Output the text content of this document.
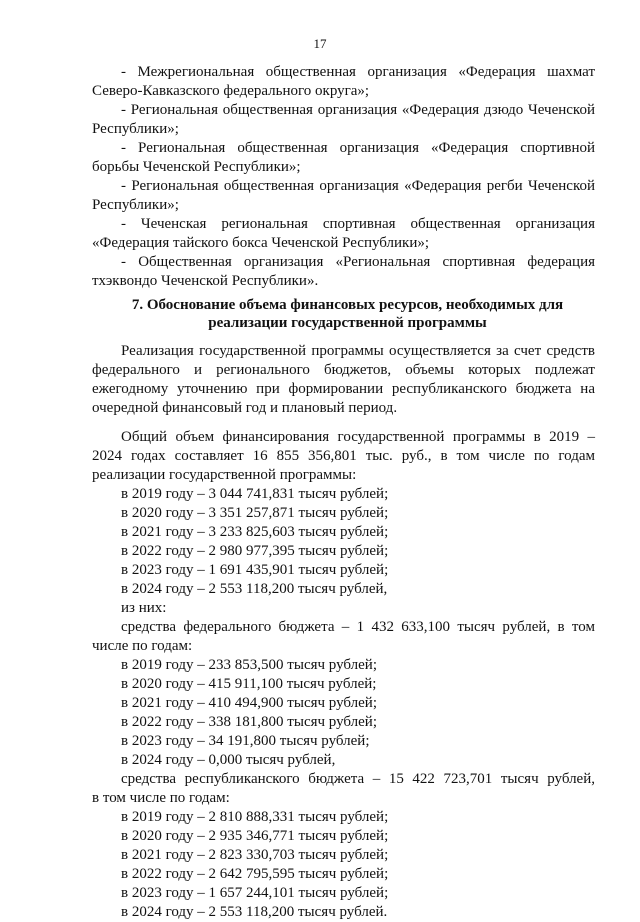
17

- Межрегиональная общественная организация «Федерация шахмат

Северо-Кавказского федерального округа»;

- Региональная общественная организация «Федерация дзюдо Чеченской

Республики»;

- Региональная общественная организация «Федерация спортивной

борьбы Чеченской Республики»;

- Региональная общественная организация «Федерация регби Чеченской

Республики»;

- Чеченская региональная спортивная общественная организация

«Федерация тайского бокса Чеченской Республики»;

- Общественная организация «Региональная спортивная федерация

тхэквондо Чеченской Республики».

7. Обоснование объема финансовых ресурсов, необходимых для

реализации государственной программы

Реализация государственной программы осуществляется за счет средств

федерального и регионального бюджетов, объемы которых подлежат

ежегодному уточнению при формировании республиканского бюджета на

очередной финансовый год и плановый период.

Общий объем финансирования государственной программы в 2019 –

2024 годах составляет 16 855 356,801 тыс. руб., в том числе по годам

реализации государственной программы:

в 2019 году – 3 044 741,831 тысяч рублей;

в 2020 году – 3 351 257,871 тысяч рублей;

в 2021 году – 3 233 825,603 тысяч рублей;

в 2022 году – 2 980 977,395 тысяч рублей;

в 2023 году – 1 691 435,901 тысяч рублей;

в 2024 году – 2 553 118,200 тысяч рублей,

из них:

средства федерального бюджета – 1 432 633,100 тысяч рублей, в том

числе по годам:

в 2019 году – 233 853,500 тысяч рублей;

в 2020 году – 415 911,100 тысяч рублей;

в 2021 году – 410 494,900 тысяч рублей;

в 2022 году – 338 181,800 тысяч рублей;

в 2023 году – 34 191,800 тысяч рублей;

в 2024 году – 0,000 тысяч рублей,

средства республиканского бюджета – 15 422 723,701 тысяч рублей,

в том числе по годам:

в 2019 году – 2 810 888,331 тысяч рублей;

в 2020 году – 2 935 346,771 тысяч рублей;

в 2021 году – 2 823 330,703 тысяч рублей;

в 2022 году – 2 642 795,595 тысяч рублей;

в 2023 году – 1 657 244,101 тысяч рублей;

в 2024 году – 2 553 118,200 тысяч рублей.
